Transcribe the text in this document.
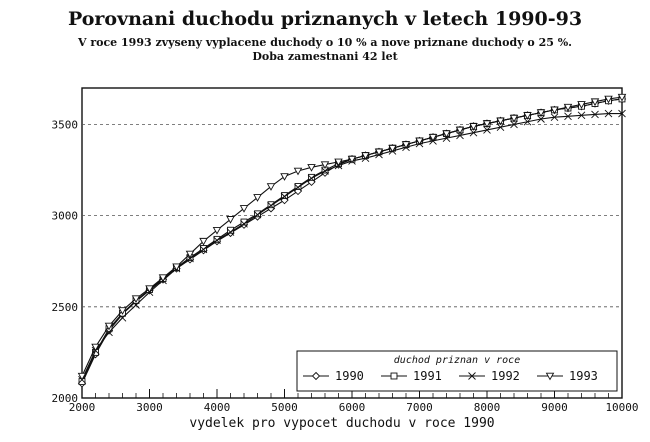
Porovnani duchodu priznanych v letech 1990-93
V roce 1993 zvyseny vyplacene duchody o 10 % a nove priznane duchody o 25 %.
Doba zamestnani 42 let
2000
2500
3000
3500
2000	3000	4000	5000	6000	7000	8000	9000	10000
vydelek pro vypocet duchodu v roce 1990
duchod priznan v roce
1990	1991	1992	1993
